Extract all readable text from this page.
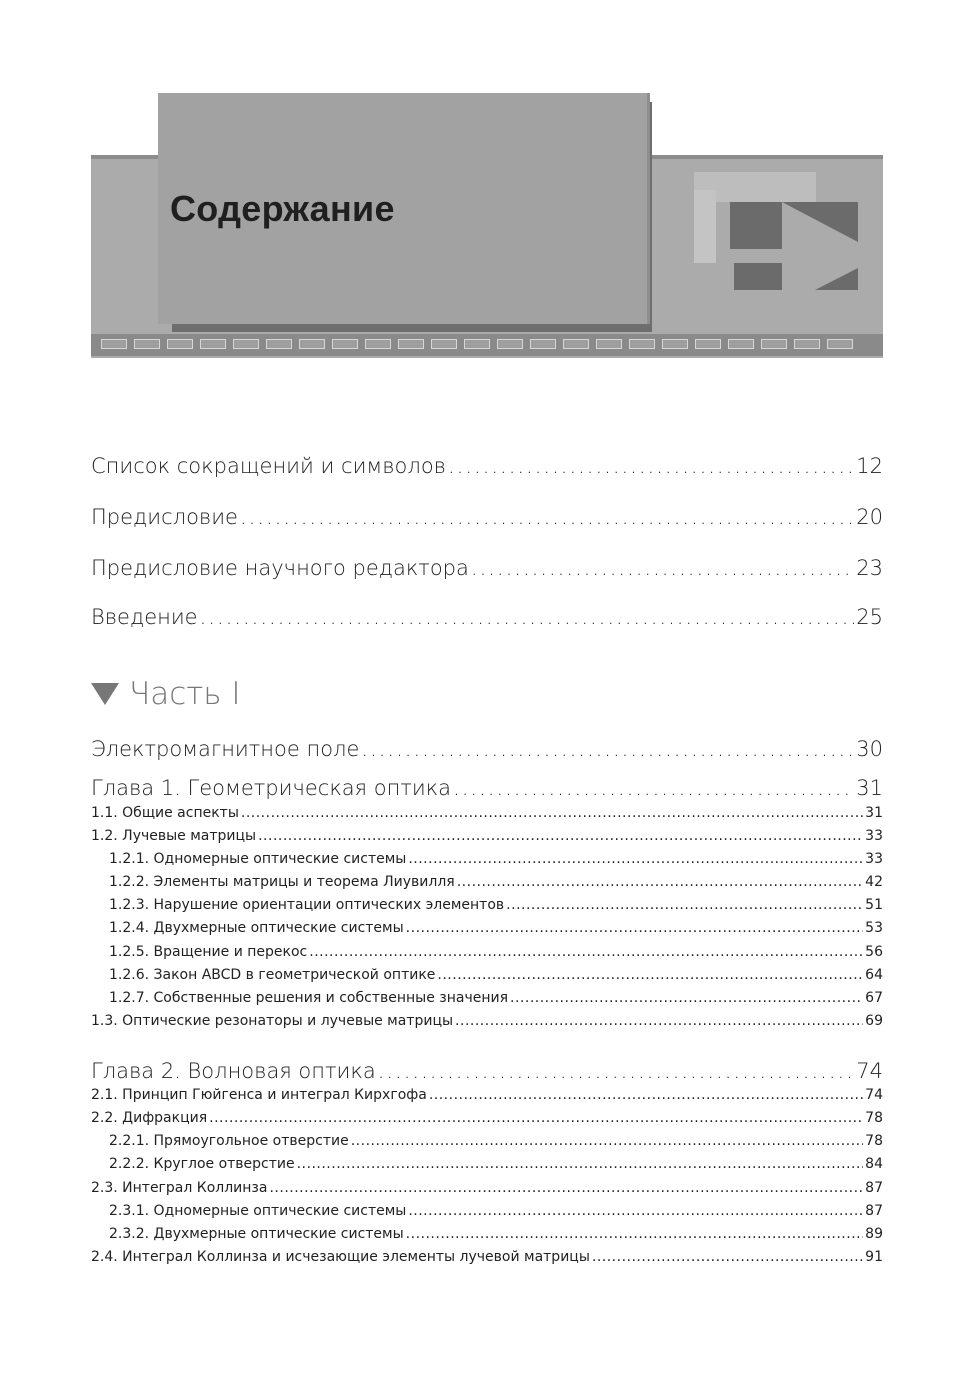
Содержание
Список сокращений и символов .....	12
Предисловие .....	20
Предисловие научного редактора .....	23
Введение .....	25
Часть I
Электромагнитное поле .....	30
Глава 1. Геометрическая оптика .....	31
1.1. Общие аспекты .....	31
1.2. Лучевые матрицы .....	33
1.2.1. Одномерные оптические системы .....	33
1.2.2. Элементы матрицы и теорема Лиувилля .....	42
1.2.3. Нарушение ориентации оптических элементов .....	51
1.2.4. Двухмерные оптические системы .....	53
1.2.5. Вращение и перекос .....	56
1.2.6. Закон ABCD в геометрической оптике .....	64
1.2.7. Собственные решения и собственные значения .....	67
1.3. Оптические резонаторы и лучевые матрицы .....	69
Глава 2. Волновая оптика .....	74
2.1. Принцип Гюйгенса и интеграл Кирхгофа .....	74
2.2. Дифракция .....	78
2.2.1. Прямоугольное отверстие .....	78
2.2.2. Круглое отверстие .....	84
2.3. Интеграл Коллинза .....	87
2.3.1. Одномерные оптические системы .....	87
2.3.2. Двухмерные оптические системы .....	89
2.4. Интеграл Коллинза и исчезающие элементы лучевой матрицы .....	91
